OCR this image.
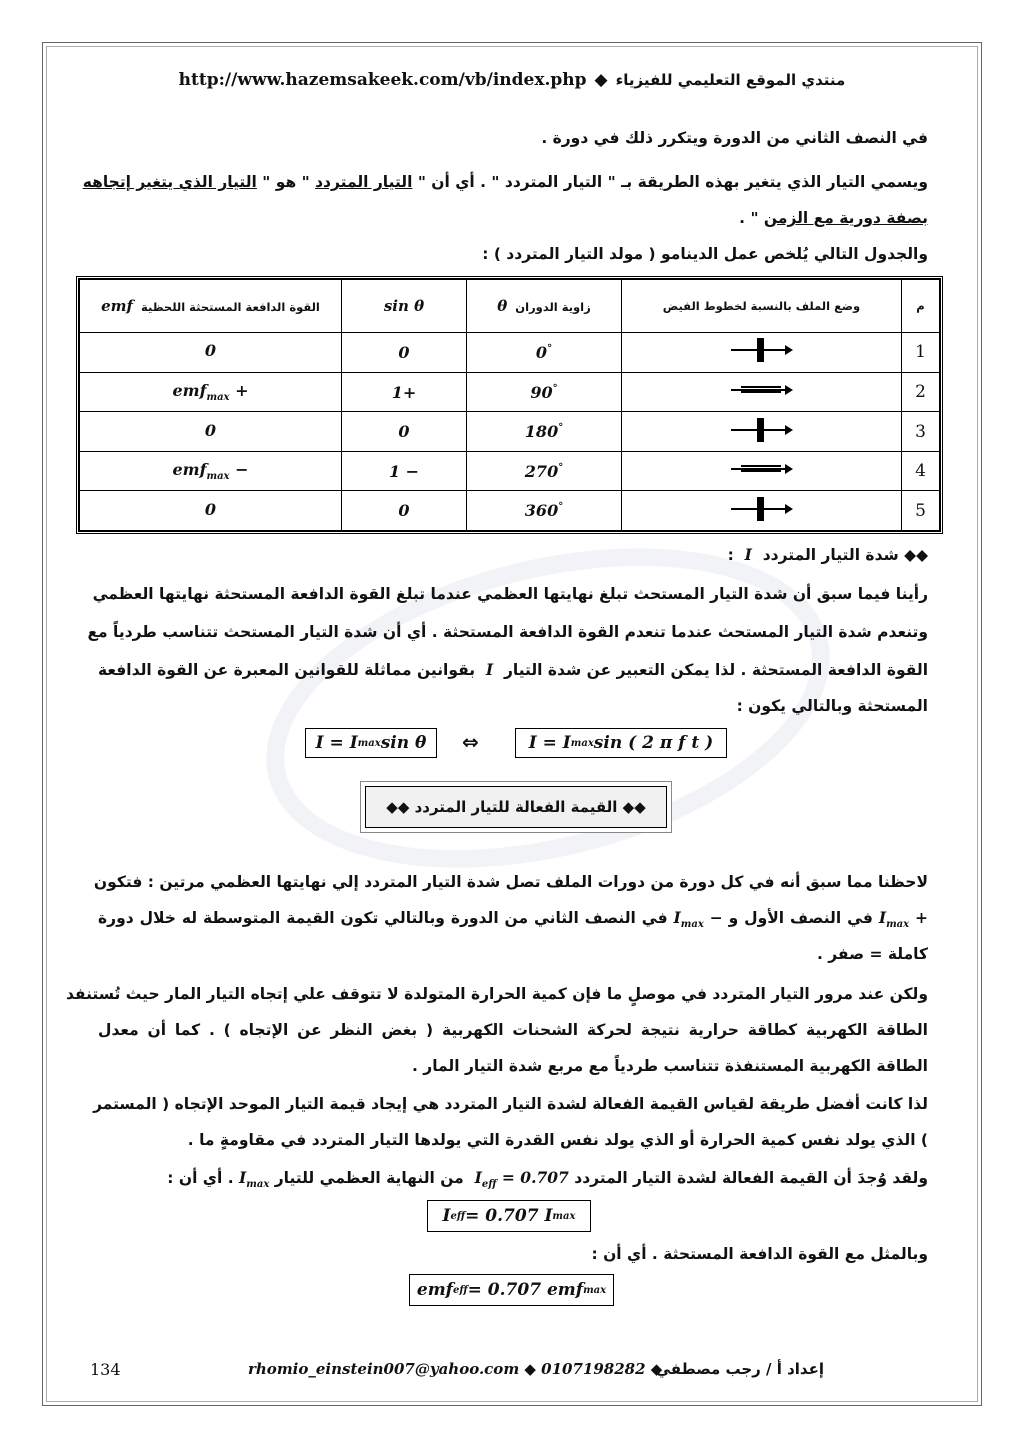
http://www.hazemsakeek.com/vb/index.php ◆ منتدي الموقع التعليمي للفيزياء
في النصف الثاني من الدورة ويتكرر ذلك في دورة .
ويسمي التيار الذي يتغير بهذه الطريقة بـ " التيار المتردد " . أي أن " التيار المتردد " هو " التيار الذي يتغير إتجاهه
بصفة دورية مع الزمن " .
والجدول التالي يُلخص عمل الدينامو ( مولد التيار المتردد ) :
م	وضع الملف بالنسبة لخطوط الفيض	زاوية الدوران  θ	sin θ	القوة الدافعة المستحثة اللحظية  emf
1		0°	0	0
2		90°	+1	+ emf$_{max}$
3		180°	0	0
4		270°	− 1	− emf$_{max}$
5		360°	0	0
◆◆ شدة التيار المتردد  I  :
رأينا فيما سبق أن شدة التيار المستحث تبلغ نهايتها العظمي عندما تبلغ القوة الدافعة المستحثة نهايتها العظمي
وتنعدم شدة التيار المستحث عندما تنعدم القوة الدافعة المستحثة . أي أن شدة التيار المستحث تتناسب طردياً مع
القوة الدافعة المستحثة . لذا يمكن التعبير عن شدة التيار  I  بقوانين مماثلة للقوانين المعبرة عن القوة الدافعة
المستحثة وبالتالي يكون :
I = I max sin θ ⇔	I = I max sin ( 2 π f t )
◆◆ القيمة الفعالة للتيار المتردد ◆◆
لاحظنا مما سبق أنه في كل دورة من دورات الملف تصل شدة التيار المتردد إلي نهايتها العظمي مرتين : فتكون
+ $I_{max}$ في النصف الأول و − $I_{max}$ في النصف الثاني من الدورة وبالتالي تكون القيمة المتوسطة له خلال دورة
كاملة = صفر .
ولكن عند مرور التيار المتردد في موصلٍ ما فإن كمية الحرارة المتولدة لا تتوقف علي إتجاه التيار المار حيث تُستنفد
الطاقة الكهربية كطاقة حرارية نتيجة لحركة الشحنات الكهربية ( بغض النظر عن الإتجاه ) . كما أن معدل
الطاقة الكهربية المستنفذة تتناسب طردياً مع مربع شدة التيار المار .
لذا كانت أفضل طريقة لقياس القيمة الفعالة لشدة التيار المتردد هي إيجاد قيمة التيار الموحد الإتجاه ( المستمر
) الذي يولد نفس كمية الحرارة أو الذي يولد نفس القدرة التي يولدها التيار المتردد في مقاومةٍ ما .
ولقد وُجدَ أن القيمة الفعالة لشدة التيار المتردد $I_{eff} = 0.707$  من النهاية العظمي للتيار $I_{max}$ . أي أن :
I eff = 0.707 I max
وبالمثل مع القوة الدافعة المستحثة . أي أن :
emf eff = 0.707 emf max
134	rhomio_einstein007@yahoo.com ◆ 0107198282 ◆
إعداد أ / رجب مصطفي
